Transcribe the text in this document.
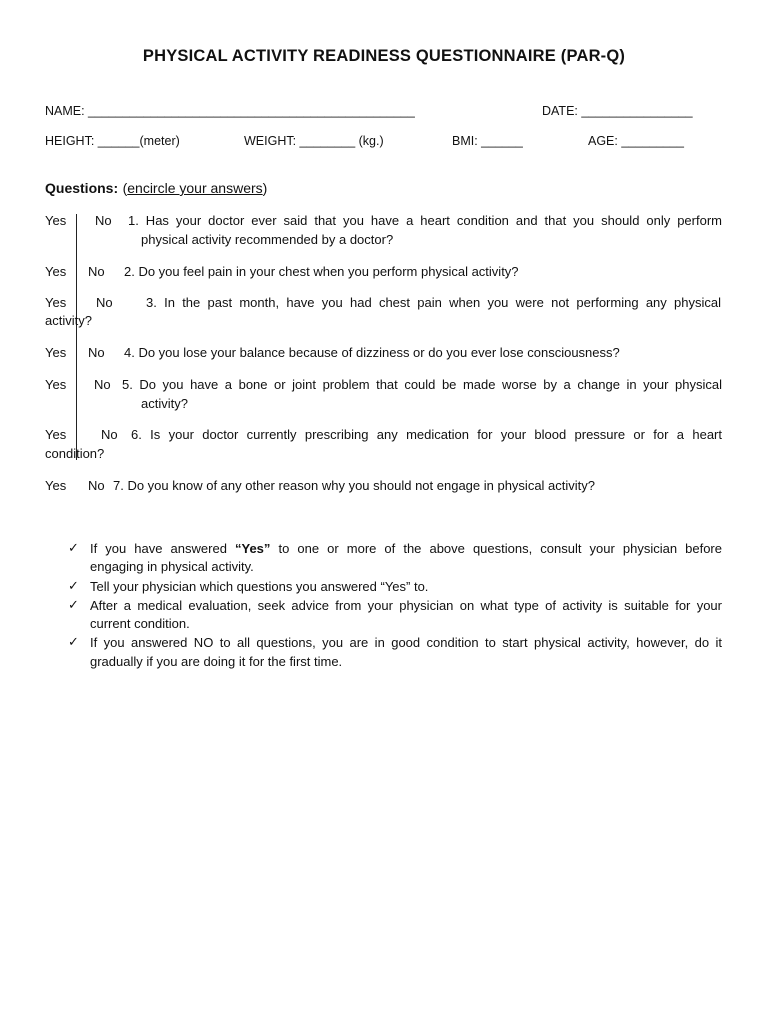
PHYSICAL ACTIVITY READINESS QUESTIONNAIRE (PAR-Q)
NAME: _______________________________________________	DATE: ________________
HEIGHT: ______(meter)	WEIGHT: ________ (kg.)	BMI: ______	AGE: _________
Questions: (encircle your answers)
Yes No 1. Has your doctor ever said that you have a heart condition and that you should only perform
physical activity recommended by a doctor?
Yes No 2. Do you feel pain in your chest when you perform physical activity?
Yes No	3. In the past month, have you had chest pain when you were not performing any physical
activity?
Yes No 4. Do you lose your balance because of dizziness or do you ever lose consciousness?
Yes No 5. Do you have a bone or joint problem that could be made worse by a change in your physical
activity?
Yes	No 6. Is your doctor currently prescribing any medication for your blood pressure or for a heart
condition?
Yes No 7. Do you know of any other reason why you should not engage in physical activity?
✓ If you have answered “Yes” to one or more of the above questions, consult your physician before
engaging in physical activity.
✓ Tell your physician which questions you answered “Yes” to.
✓ After a medical evaluation, seek advice from your physician on what type of activity is suitable for your
current condition.
✓ If you answered NO to all questions, you are in good condition to start physical activity, however, do it
gradually if you are doing it for the first time.
